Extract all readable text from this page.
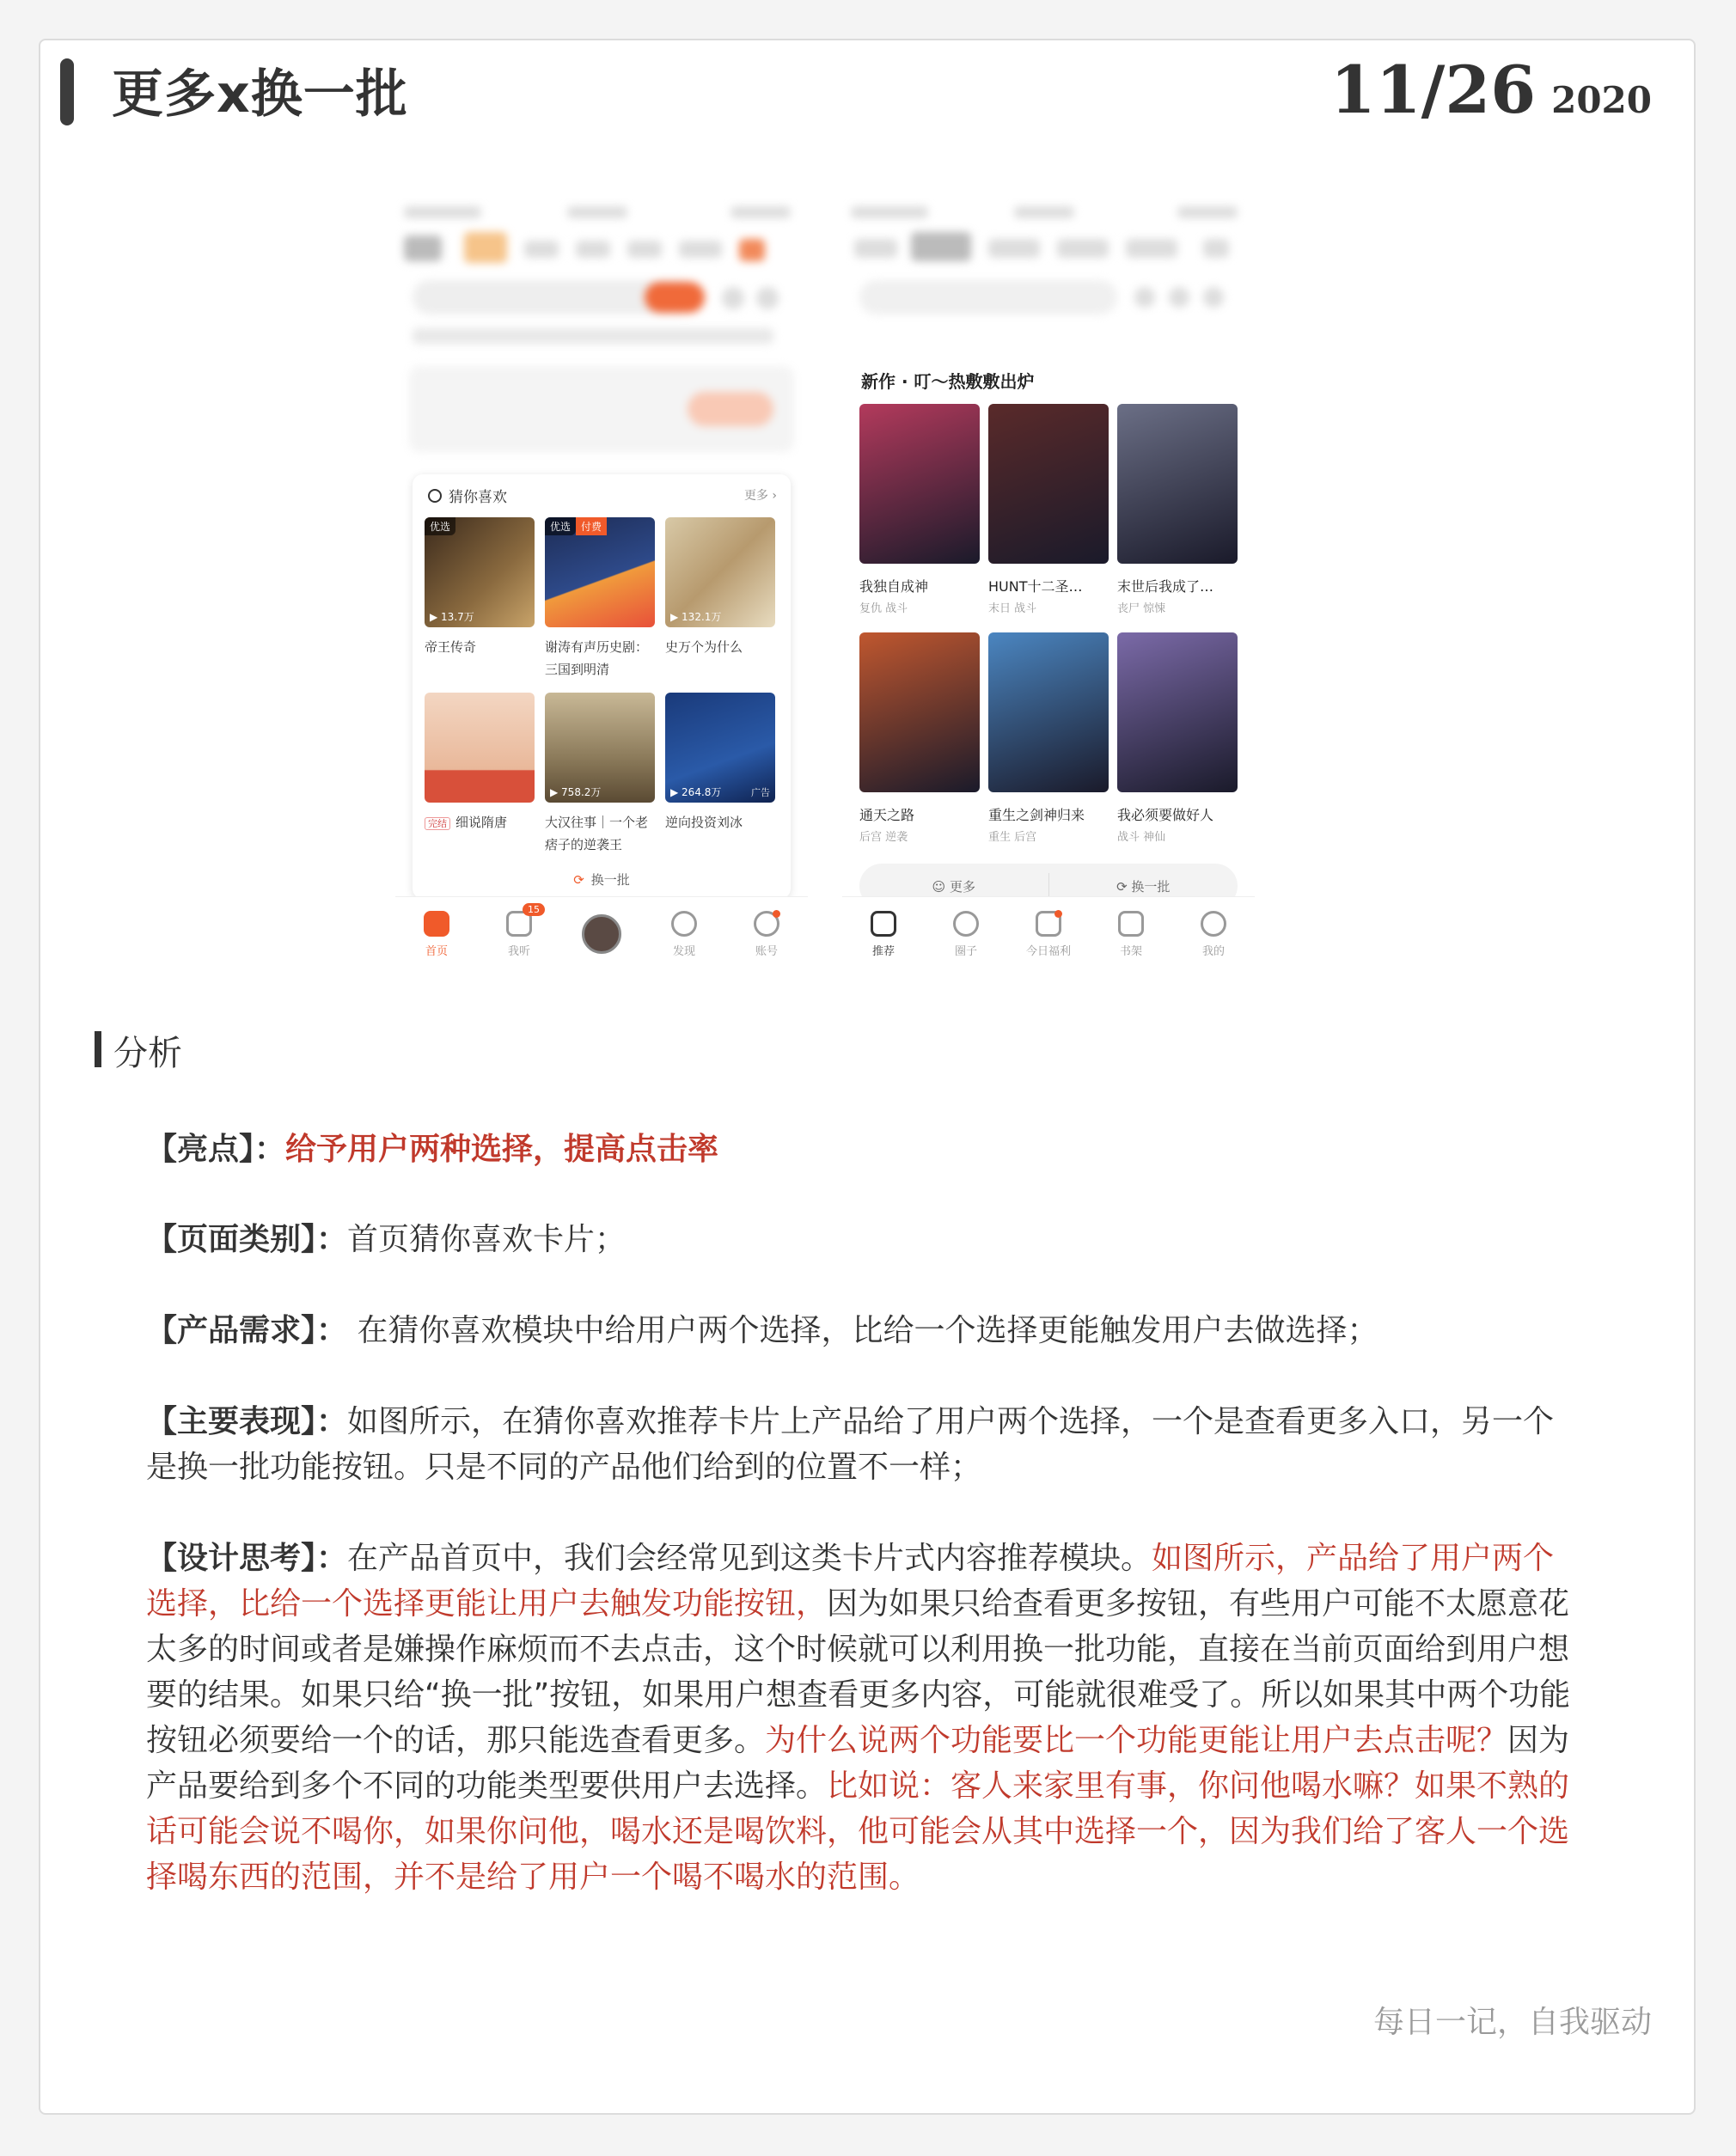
更多x换一批	11/26 2020
猜你喜欢	更多 ›
优选
▶ 13.7万
帝王传奇
优选 付费
谢涛有声历史剧：三国到明清
▶ 132.1万
史万个为什么
完结 细说隋唐
▶ 758.2万
大汉往事｜一个老痞子的逆袭王
▶ 264.8万	广告
逆向投资刘冰
⟳ 换一批
首页
15
我听	发现	账号
新作 · 叮～热敷敷出炉
我独自成神
复仇 战斗
HUNT十二圣…
末日 战斗
末世后我成了…
丧尸 惊悚
通天之路
后宫 逆袭
重生之剑神归来
重生 后宫
我必须要做好人
战斗 神仙
☺ 更多	⟳ 换一批
推荐	圈子	今日福利	书架	我的
分析
【亮点】：给予用户两种选择，提高点击率
【页面类别】：首页猜你喜欢卡片；
【产品需求】： 在猜你喜欢模块中给用户两个选择，比给一个选择更能触发用户去做选择；
【主要表现】：如图所示，在猜你喜欢推荐卡片上产品给了用户两个选择，一个是查看更多入口，另一个是换一批功能按钮。只是不同的产品他们给到的位置不一样；
【设计思考】：在产品首页中，我们会经常见到这类卡片式内容推荐模块。如图所示，产品给了用户两个选择，比给一个选择更能让用户去触发功能按钮，因为如果只给查看更多按钮，有些用户可能不太愿意花太多的时间或者是嫌操作麻烦而不去点击，这个时候就可以利用换一批功能，直接在当前页面给到用户想要的结果。如果只给“换一批”按钮，如果用户想查看更多内容，可能就很难受了。所以如果其中两个功能按钮必须要给一个的话，那只能选查看更多。为什么说两个功能要比一个功能更能让用户去点击呢？因为产品要给到多个不同的功能类型要供用户去选择。比如说：客人来家里有事，你问他喝水嘛？如果不熟的话可能会说不喝你，如果你问他，喝水还是喝饮料，他可能会从其中选择一个，因为我们给了客人一个选择喝东西的范围，并不是给了用户一个喝不喝水的范围。
每日一记，自我驱动
